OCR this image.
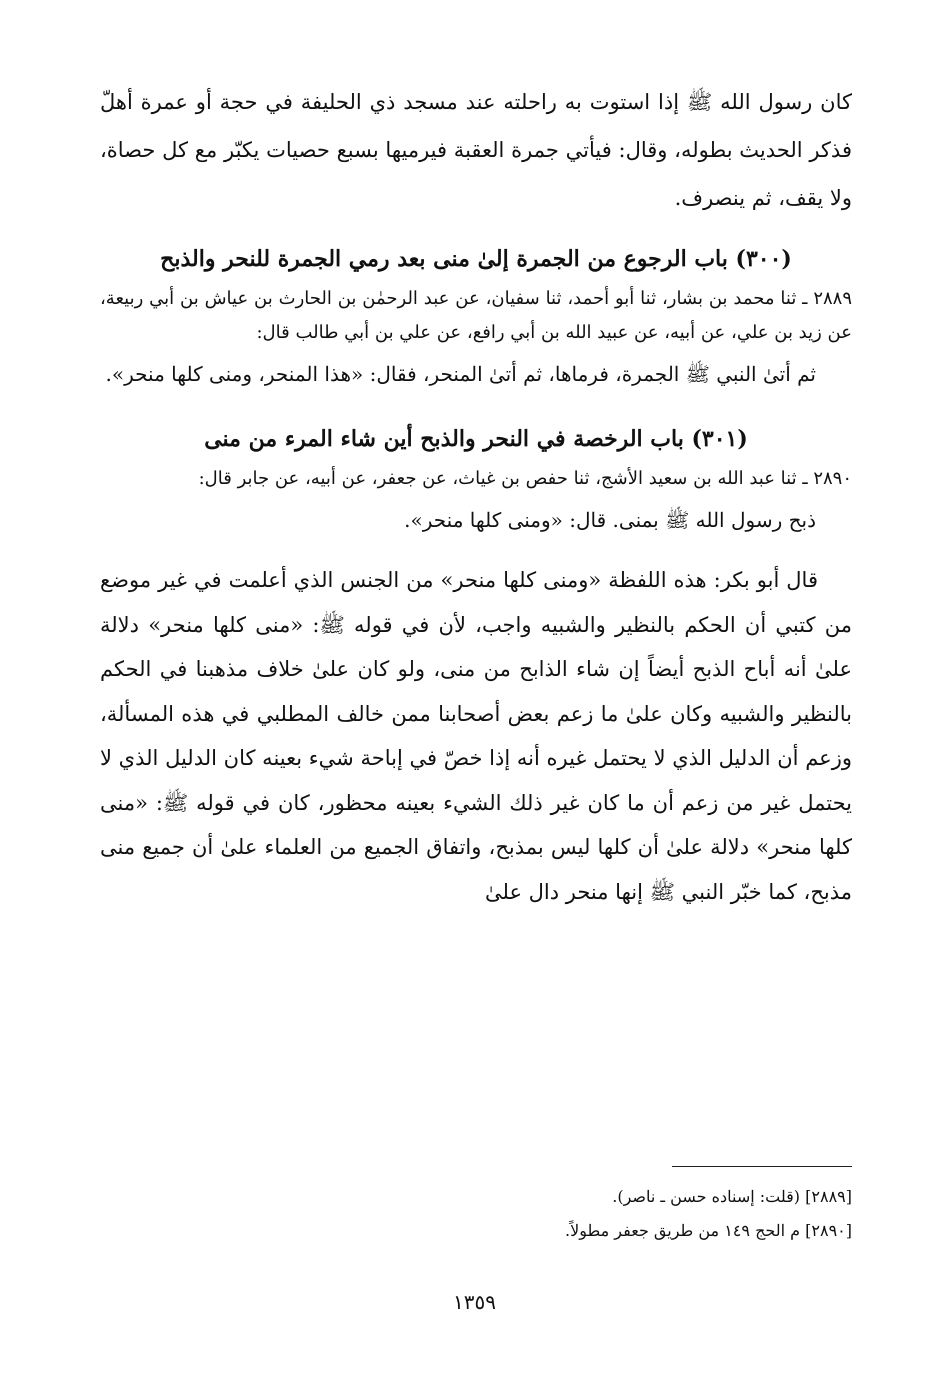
كان رسول الله ﷺ إذا استوت به راحلته عند مسجد ذي الحليفة في حجة أو عمرة أهلّ فذكر الحديث بطوله، وقال: فيأتي جمرة العقبة فيرميها بسبع حصيات يكبّر مع كل حصاة، ولا يقف، ثم ينصرف.

(٣٠٠) باب الرجوع من الجمرة إلىٰ منى بعد رمي الجمرة للنحر والذبح

٢٨٨٩ ـ ثنا محمد بن بشار، ثنا أبو أحمد، ثنا سفيان، عن عبد الرحمٰن بن الحارث بن عياش بن أبي ربيعة، عن زيد بن علي، عن أبيه، عن عبيد الله بن أبي رافع، عن علي بن أبي طالب قال:

ثم أتىٰ النبي ﷺ الجمرة، فرماها، ثم أتىٰ المنحر، فقال: «هذا المنحر، ومنى كلها منحر».

(٣٠١) باب الرخصة في النحر والذبح أين شاء المرء من منى

٢٨٩٠ ـ ثنا عبد الله بن سعيد الأشج، ثنا حفص بن غياث، عن جعفر، عن أبيه، عن جابر قال:

ذبح رسول الله ﷺ بمنى. قال: «ومنى كلها منحر».

قال أبو بكر: هذه اللفظة «ومنى كلها منحر» من الجنس الذي أعلمت في غير موضع من كتبي أن الحكم بالنظير والشبيه واجب، لأن في قوله ﷺ: «منى كلها منحر» دلالة علىٰ أنه أباح الذبح أيضاً إن شاء الذابح من منى، ولو كان علىٰ خلاف مذهبنا في الحكم بالنظير والشبيه وكان علىٰ ما زعم بعض أصحابنا ممن خالف المطلبي في هذه المسألة، وزعم أن الدليل الذي لا يحتمل غيره أنه إذا خصّ في إباحة شيء بعينه كان الدليل الذي لا يحتمل غير من زعم أن ما كان غير ذلك الشيء بعينه محظور، كان في قوله ﷺ: «منى كلها منحر» دلالة علىٰ أن كلها ليس بمذبح، واتفاق الجميع من العلماء علىٰ أن جميع منى مذبح، كما خبّر النبي ﷺ إنها منحر دال علىٰ

[٢٨٨٩] (قلت: إسناده حسن ـ ناصر).

[٢٨٩٠] م الحج ١٤٩ من طريق جعفر مطولاً.

١٣٥٩
